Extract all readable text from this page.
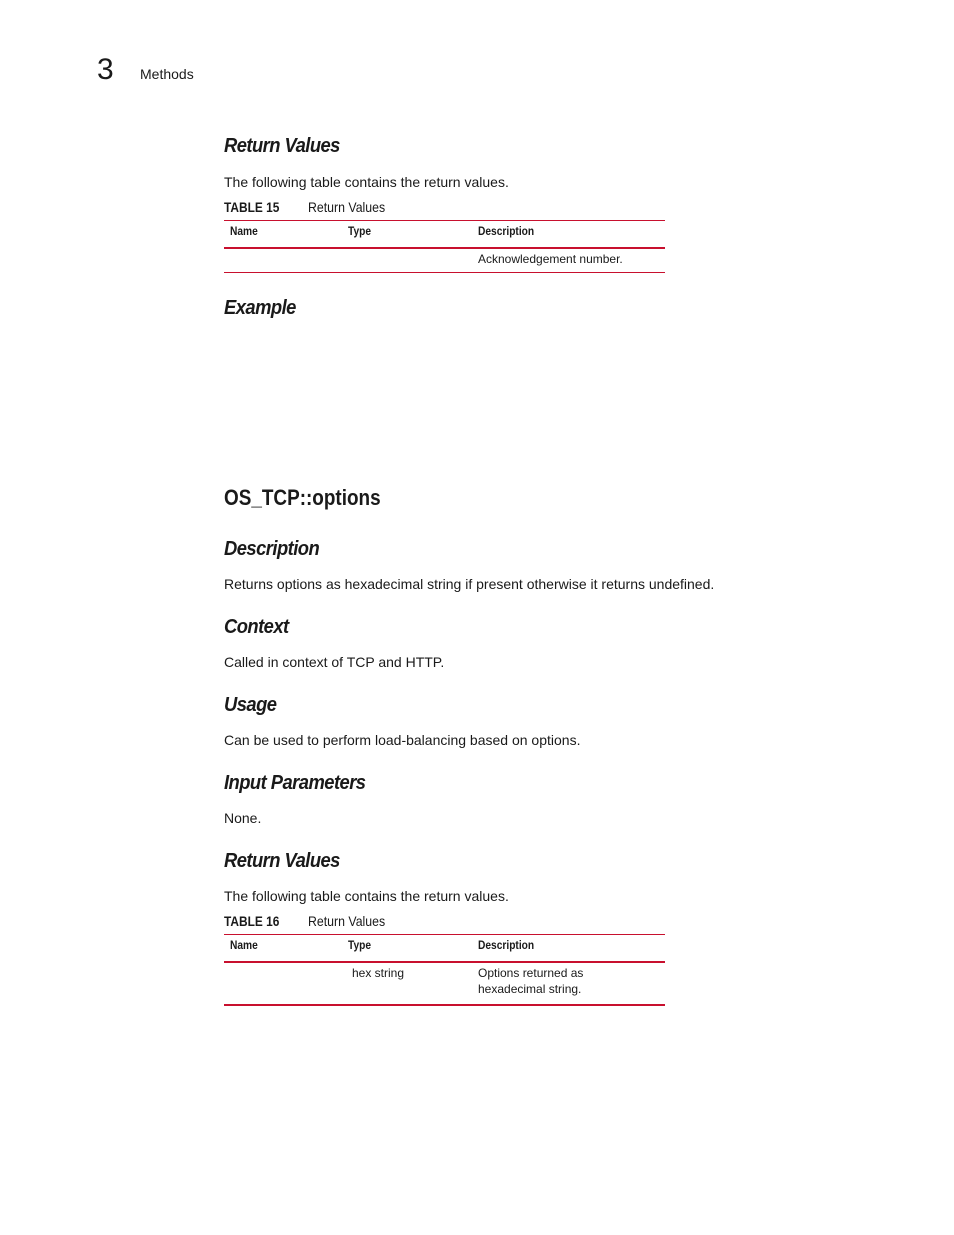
3 Methods
Return Values
The following table contains the return values.
TABLE 15 Return Values
Name	Type	Description
		Acknowledgement number.
Example
OS_TCP::options
Description
Returns options as hexadecimal string if present otherwise it returns undefined.
Context
Called in context of TCP and HTTP.
Usage
Can be used to perform load-balancing based on options.
Input Parameters
None.
Return Values
The following table contains the return values.
TABLE 16 Return Values
Name	Type	Description
	hex string	Options returned as
hexadecimal string.
